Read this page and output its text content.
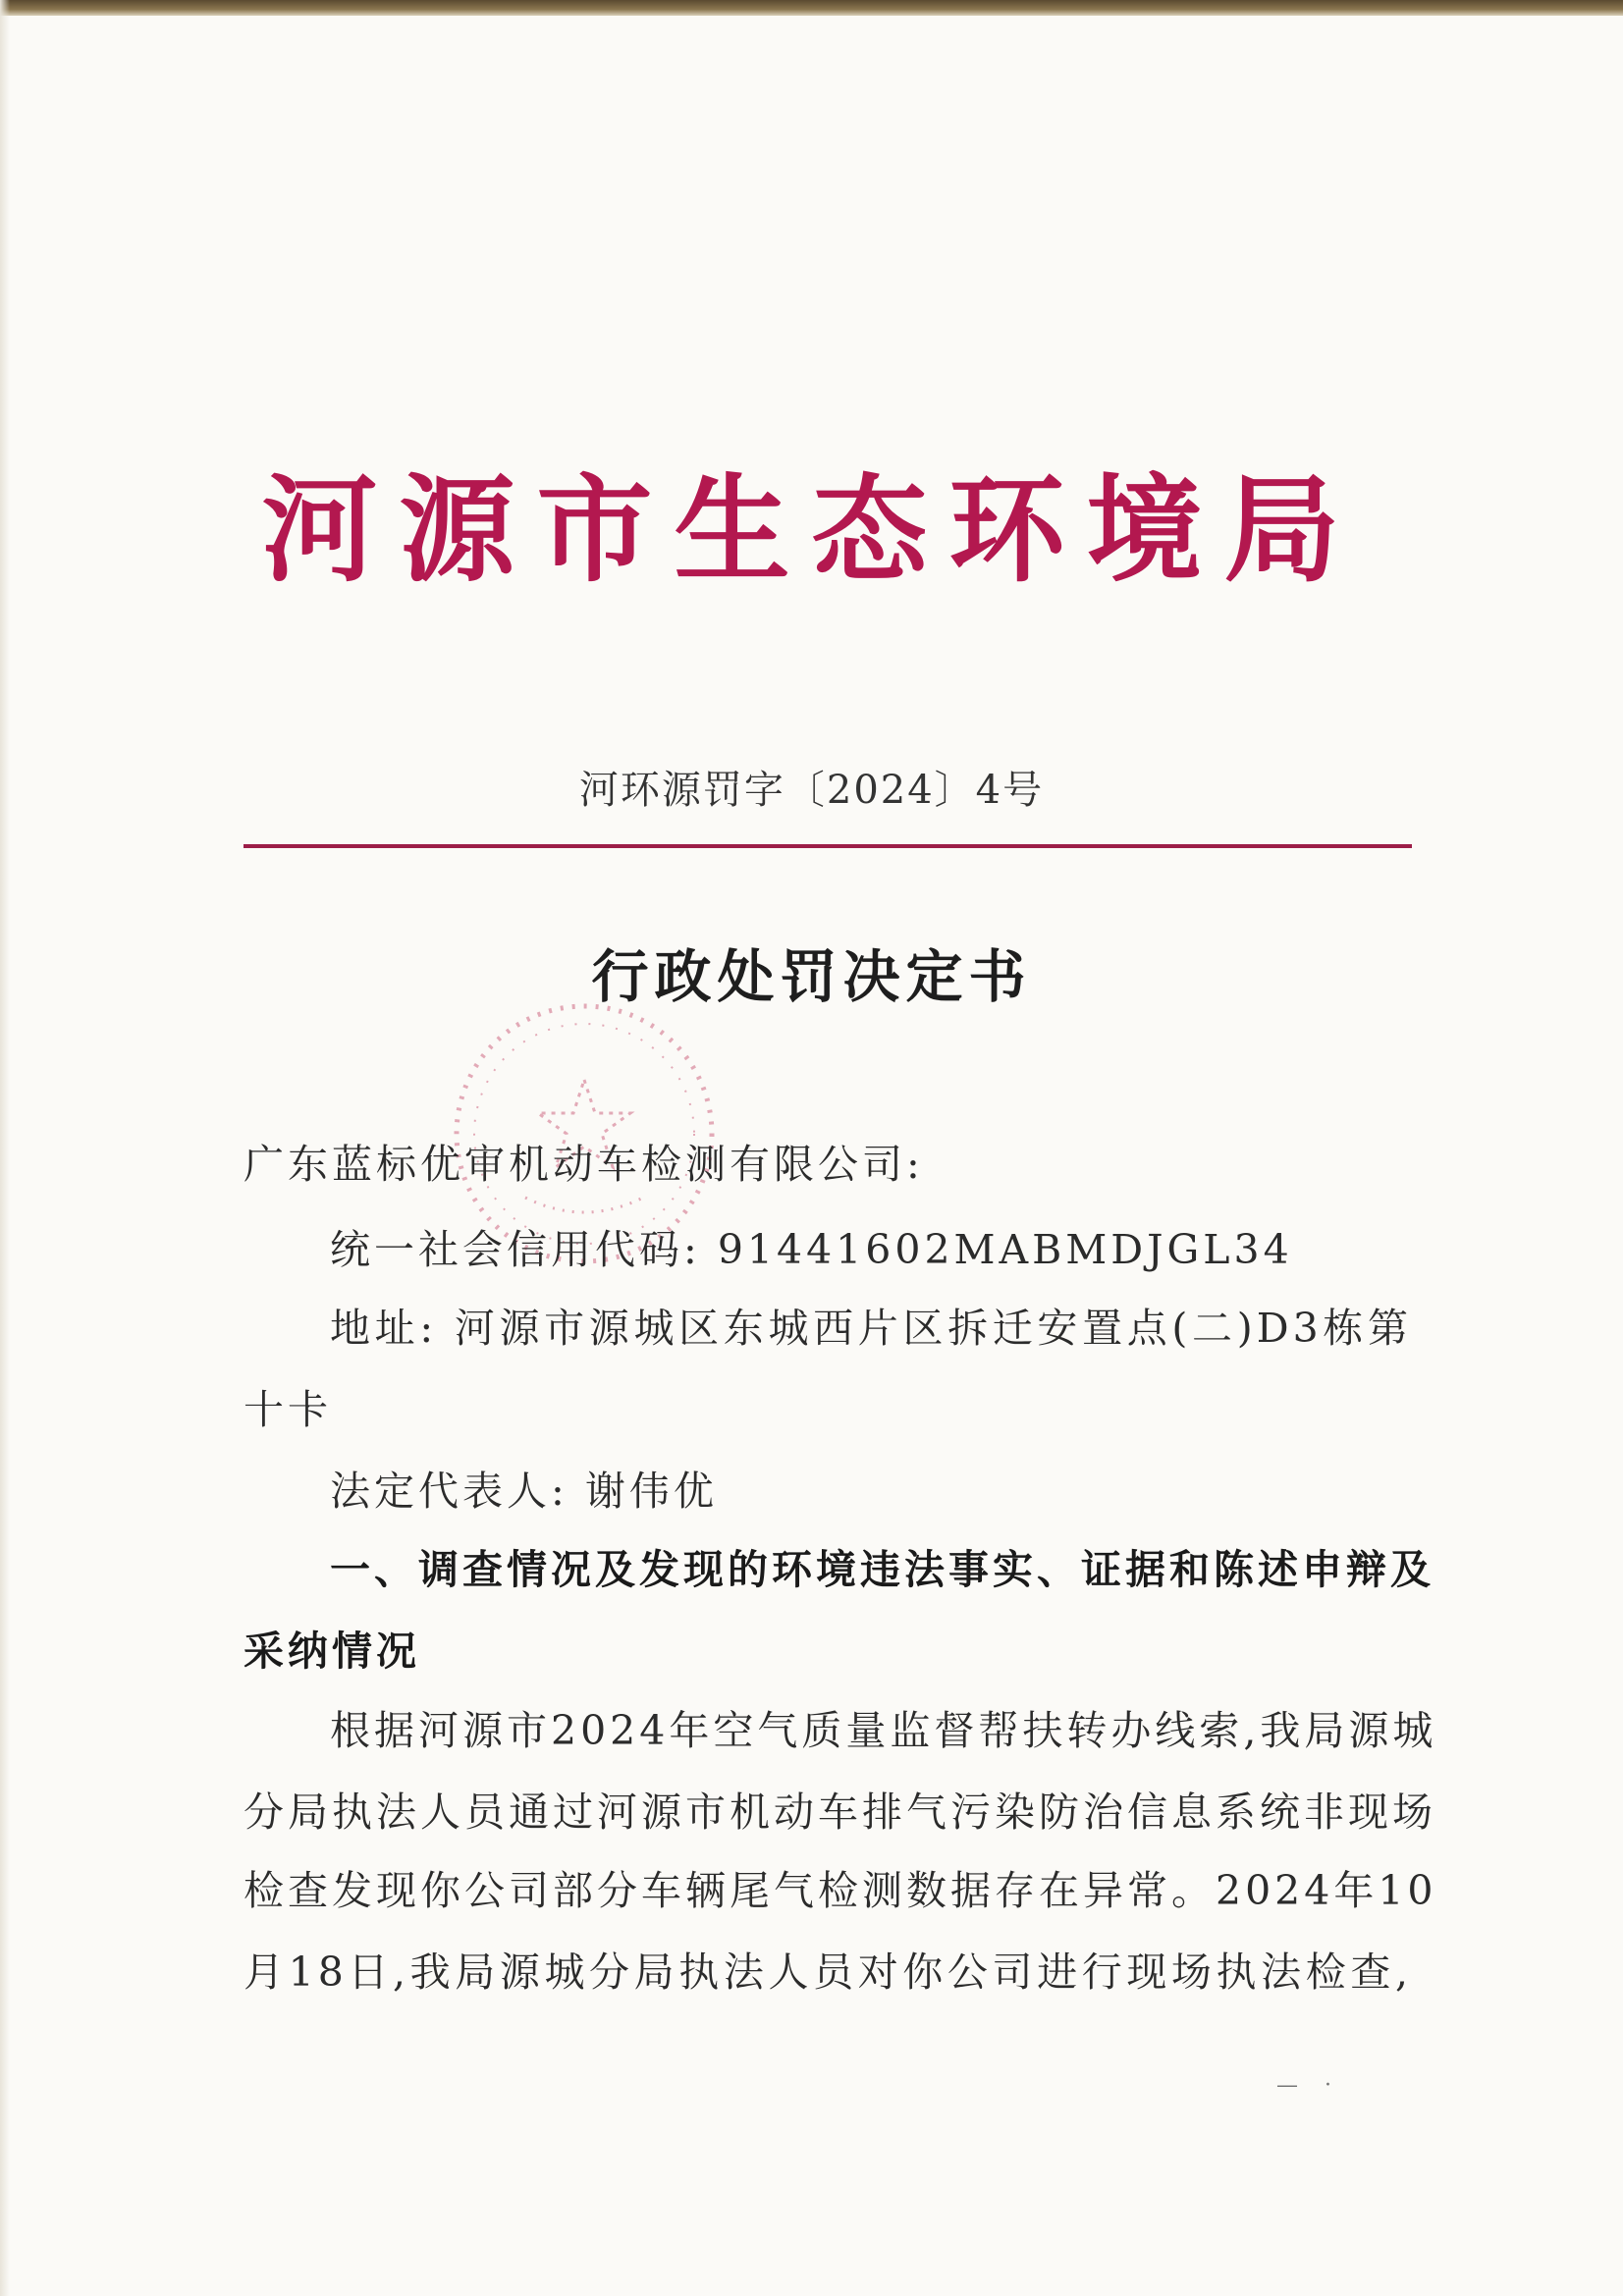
河源市生态环境局
河环源罚字〔2024〕4号
行政处罚决定书

广东蓝标优审机动车检测有限公司:

统一社会信用代码: 91441602MABMDJGL34

地址: 河源市源城区东城西片区拆迁安置点(二)D3栋第

十卡

法定代表人: 谢伟优

一、调查情况及发现的环境违法事实、证据和陈述申辩及

采纳情况

根据河源市2024年空气质量监督帮扶转办线索,我局源城

分局执法人员通过河源市机动车排气污染防治信息系统非现场

检查发现你公司部分车辆尾气检测数据存在异常。2024年10

月18日,我局源城分局执法人员对你公司进行现场执法检查,

— ·
